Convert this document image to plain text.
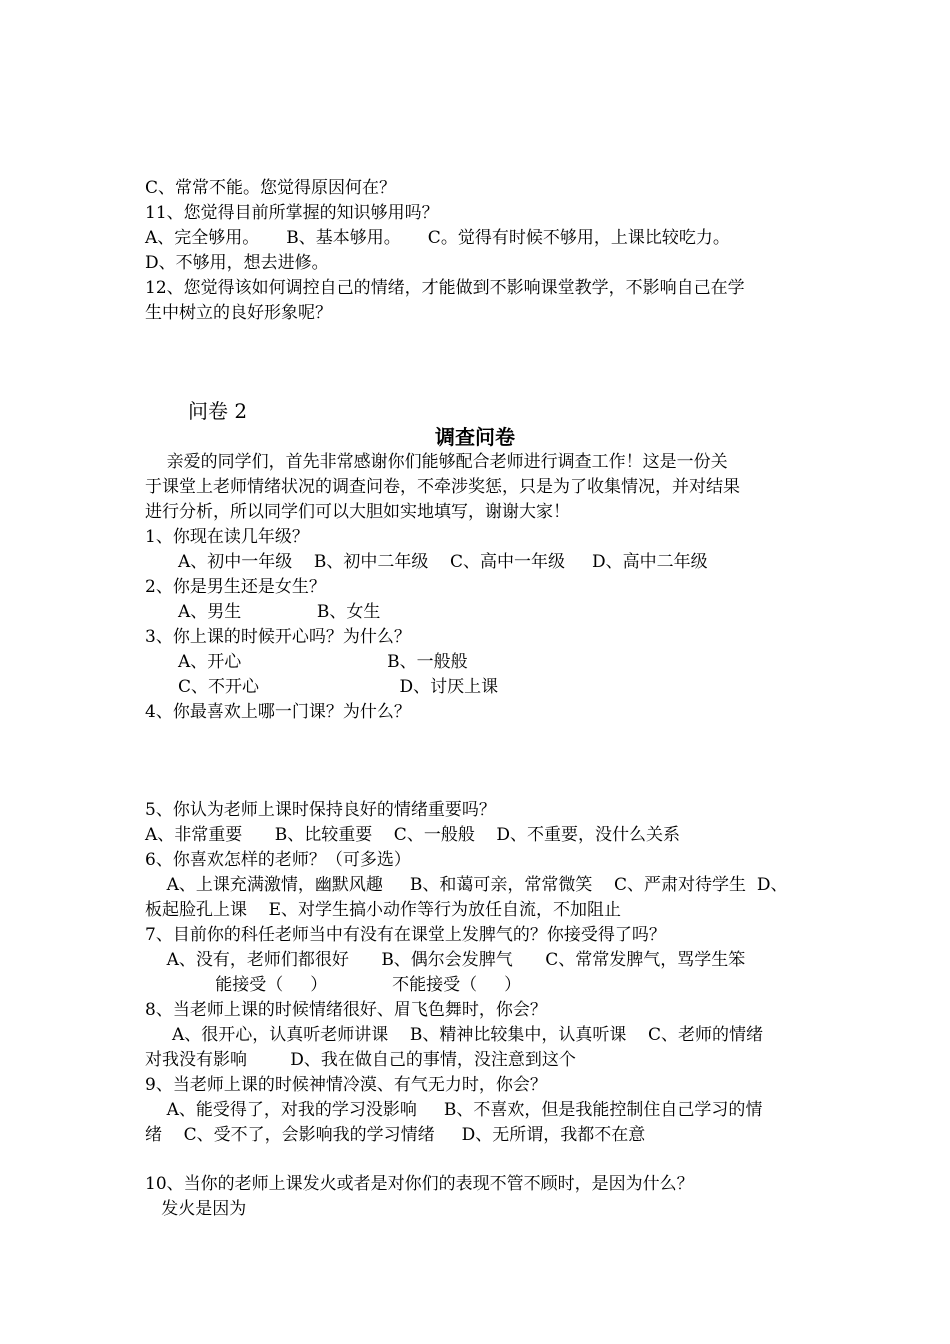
C、常常不能。您觉得原因何在？
11、您觉得目前所掌握的知识够用吗？
A、完全够用。     B、基本够用。     C。觉得有时候不够用，上课比较吃力。
D、不够用，想去进修。
12、您觉得该如何调控自己的情绪，才能做到不影响课堂教学，不影响自己在学
生中树立的良好形象呢？
问卷 2
调查问卷
亲爱的同学们，首先非常感谢你们能够配合老师进行调查工作！这是一份关
于课堂上老师情绪状况的调查问卷，不牵涉奖惩，只是为了收集情况，并对结果
进行分析，所以同学们可以大胆如实地填写，谢谢大家！
1、你现在读几年级？
A、初中一年级    B、初中二年级    C、高中一年级     D、高中二年级
2、你是男生还是女生？
A、男生              B、女生
3、你上课的时候开心吗？为什么？
A、开心                           B、一般般
C、不开心                          D、讨厌上课
4、你最喜欢上哪一门课？为什么？
5、你认为老师上课时保持良好的情绪重要吗？
A、非常重要      B、比较重要    C、一般般    D、不重要，没什么关系
6、你喜欢怎样的老师？（可多选）
A、上课充满激情，幽默风趣     B、和蔼可亲，常常微笑    C、严肃对待学生  D、
板起脸孔上课    E、对学生搞小动作等行为放任自流，不加阻止
7、目前你的科任老师当中有没有在课堂上发脾气的？你接受得了吗？
A、没有，老师们都很好      B、偶尔会发脾气      C、常常发脾气，骂学生笨
能接受（     ）            不能接受（     ）
8、当老师上课的时候情绪很好、眉飞色舞时，你会？
A、很开心，认真听老师讲课    B、精神比较集中，认真听课    C、老师的情绪
对我没有影响        D、我在做自己的事情，没注意到这个
9、当老师上课的时候神情冷漠、有气无力时，你会？
A、能受得了，对我的学习没影响     B、不喜欢，但是我能控制住自己学习的情
绪    C、受不了，会影响我的学习情绪     D、无所谓，我都不在意
10、当你的老师上课发火或者是对你们的表现不管不顾时，是因为什么？
发火是因为
